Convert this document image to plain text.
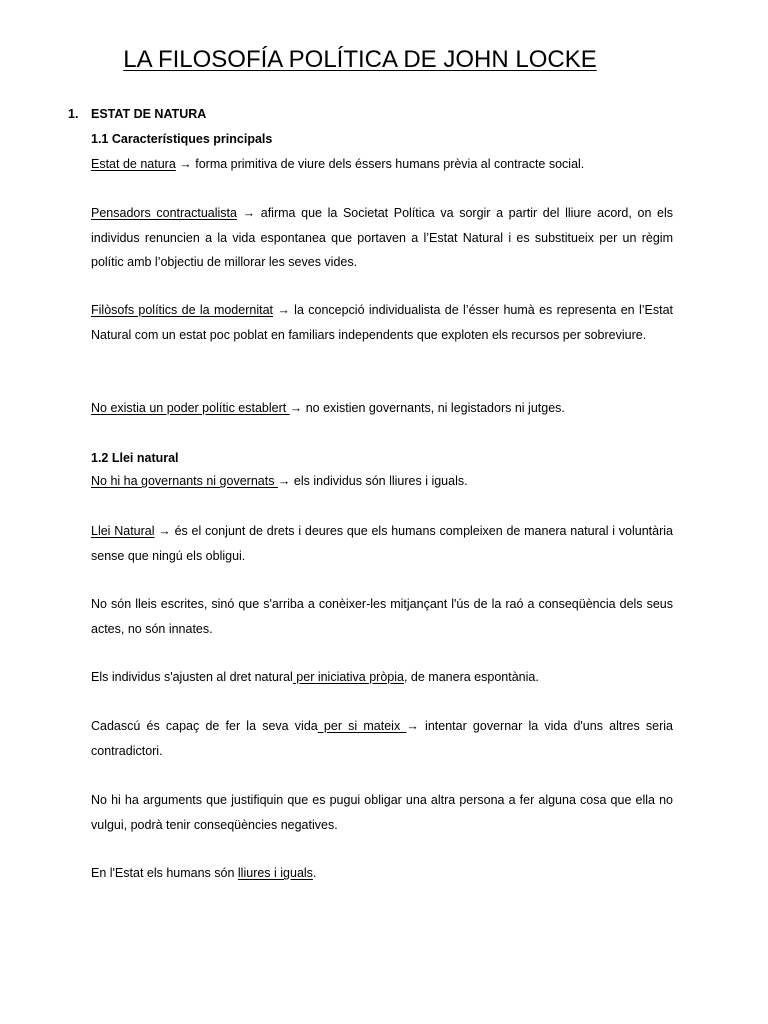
LA FILOSOFÍA POLÍTICA DE JOHN LOCKE
1. ESTAT DE NATURA
1.1 Característiques principals
Estat de natura → forma primitiva de viure dels éssers humans prèvia al contracte social.
Pensadors contractualista → afirma que la Societat Política va sorgir a partir del lliure acord, on els individus renuncien a la vida espontanea que portaven a l’Estat Natural i es substitueix per un règim polític amb l’objectiu de millorar les seves vides.
Filòsofs polítics de la modernitat → la concepció individualista de l’ésser humà es representa en l’Estat Natural com un estat poc poblat en familiars independents que exploten els recursos per sobreviure.
No existia un poder polític establert → no existien governants, ni legistadors ni jutges.
1.2 Llei natural
No hi ha governants ni governats → els individus són lliures i iguals.
Llei Natural → és el conjunt de drets i deures que els humans compleixen de manera natural i voluntària sense que ningú els obligui.
No són lleis escrites, sinó que s'arriba a conèixer-les mitjançant l'ús de la raó a conseqüència dels seus actes, no són innates.
Els individus s'ajusten al dret natural per iniciativa pròpia, de manera espontània.
Cadascú és capaç de fer la seva vida per si mateix → intentar governar la vida d'uns altres seria contradictori.
No hi ha arguments que justifiquin que es pugui obligar una altra persona a fer alguna cosa que ella no vulgui, podrà tenir conseqüències negatives.
En l'Estat els humans són lliures i iguals.
